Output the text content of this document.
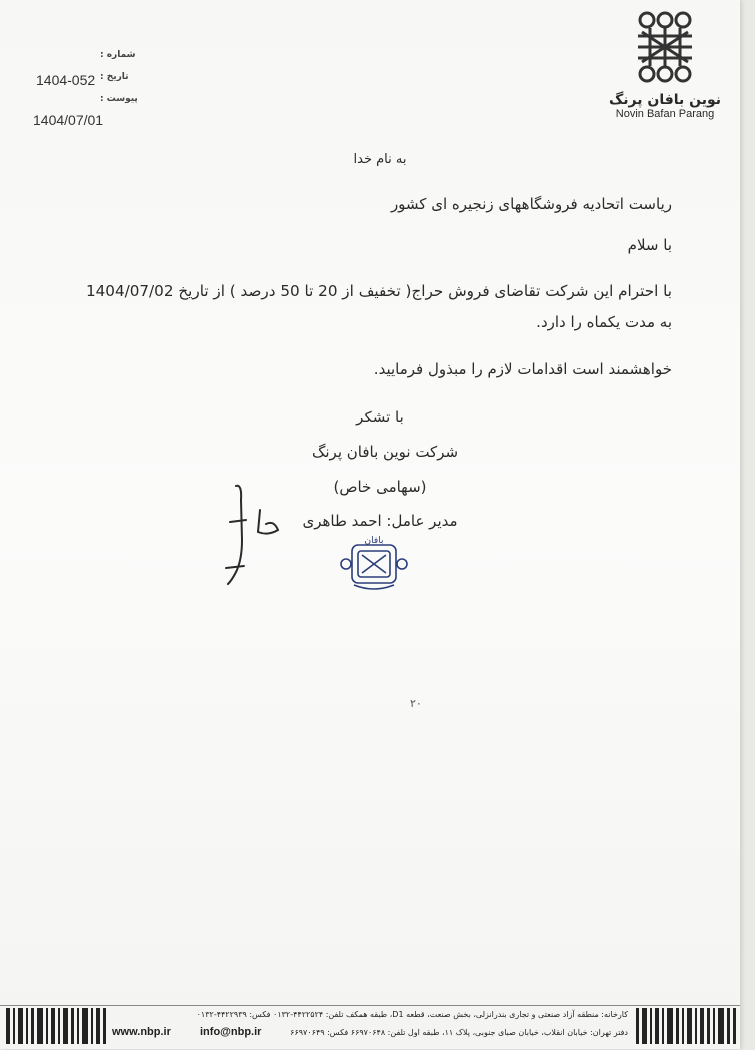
شماره :
تاریخ :
پیوست :
1404-052
1404/07/01
نوین بافان پرنگ
Novin Bafan Parang
به نام خدا
ریاست اتحادیه فروشگاههای زنجیره ای کشور
با سلام
با احترام این شرکت تقاضای فروش حراج( تخفیف از 20 تا 50 درصد ) از تاریخ 1404/07/02
به مدت یکماه را دارد.
خواهشمند است اقدامات لازم را مبذول فرمایید.
با تشکر
شرکت نوین بافان پرنگ
(سهامی خاص)
مدیر عامل: احمد طاهری
بافان
۲۰
کارخانه: منطقه آزاد صنعتی و تجاری بندرانزلی، بخش صنعت، قطعه D1، طبقه همکف تلفن: ۴۴۲۲۵۲۴-۰۱۳۲ فکس: ۴۴۲۲۹۳۹-۰۱۳۲
دفتر تهران: خیابان انقلاب، خیابان صبای جنوبی، پلاک ۱۱، طبقه اول تلفن: ۶۶۹۷۰۶۴۸ فکس: ۶۶۹۷۰۶۴۹
www.nbp.ir	info@nbp.ir
